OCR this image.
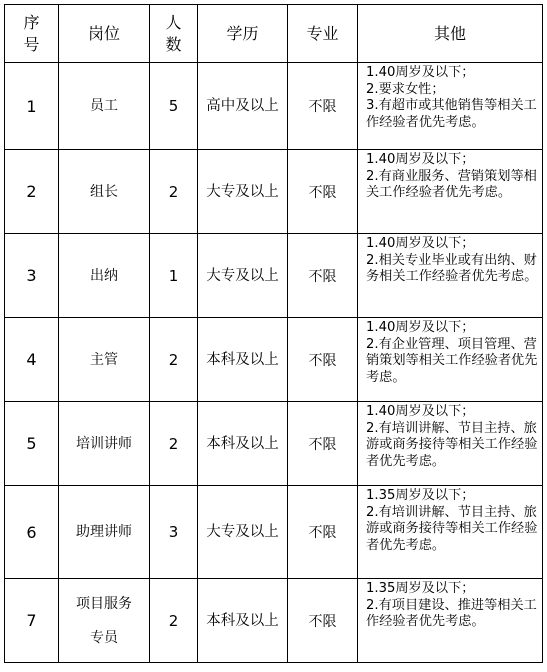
序号	岗位	人数	学历	专业	其他
1	员工	5	高中及以上	不限	1.40周岁及以下；
2.要求女性；
3.有超市或其他销售等相关工作经验者优先考虑。

2	组长	2	大专及以上	不限	1.40周岁及以下；
2.有商业服务、营销策划等相关工作经验者优先考虑。

3	出纳	1	大专及以上	不限	1.40周岁及以下；
2.相关专业毕业或有出纳、财务相关工作经验者优先考虑。

4	主管	2	本科及以上	不限	1.40周岁及以下；
2.有企业管理、项目管理、营销策划等相关工作经验者优先考虑。

5	培训讲师	2	本科及以上	不限	1.40周岁及以下；
2.有培训讲解、节目主持、旅游或商务接待等相关工作经验者优先考虑。

6	助理讲师	3	大专及以上	不限	1.35周岁及以下；
2.有培训讲解、节目主持、旅游或商务接待等相关工作经验者优先考虑。

7	项目服务专员	2	本科及以上	不限	1.35周岁及以下；
2.有项目建设、推进等相关工作经验者优先考虑。
